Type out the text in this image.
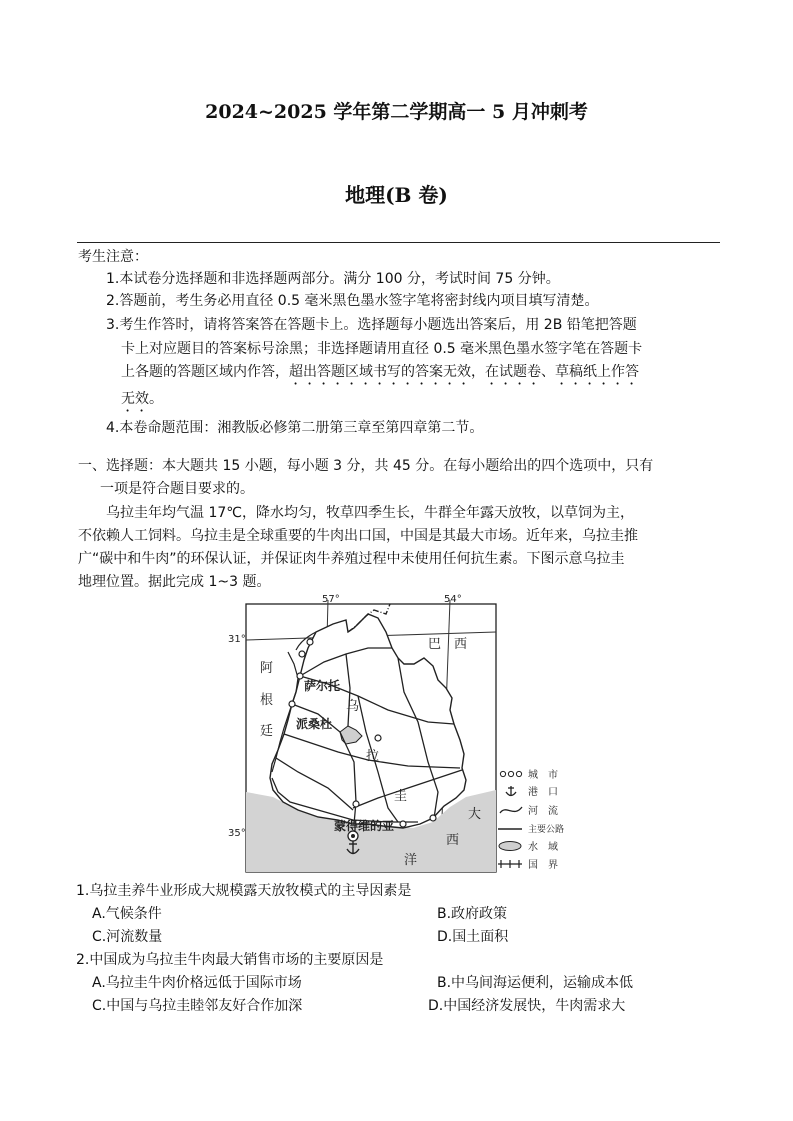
2024~2025 学年第二学期高一 5 月冲刺考
地理(B 卷)
考生注意：
1.本试卷分选择题和非选择题两部分。满分 100 分，考试时间 75 分钟。
2.答题前，考生务必用直径 0.5 毫米黑色墨水签字笔将密封线内项目填写清楚。
3.考生作答时，请将答案答在答题卡上。选择题每小题选出答案后，用 2B 铅笔把答题
卡上对应题目的答案标号涂黑；非选择题请用直径 0.5 毫米黑色墨水签字笔在答题卡
上各题的答题区域内作答，超出答题区域书写的答案无效，在试题卷、草稿纸上作答
无效。
4.本卷命题范围：湘教版必修第二册第三章至第四章第二节。
一、选择题：本大题共 15 小题，每小题 3 分，共 45 分。在每小题给出的四个选项中，只有
一项是符合题目要求的。
乌拉圭年均气温 17℃，降水均匀，牧草四季生长，牛群全年露天放牧，以草饲为主，
不依赖人工饲料。乌拉圭是全球重要的牛肉出口国，中国是其最大市场。近年来，乌拉圭推
广“碳中和牛肉”的环保认证，并保证肉牛养殖过程中未使用任何抗生素。下图示意乌拉圭
地理位置。据此完成 1~3 题。
57°	54°
31°
35°
巴 西
阿
根
廷
乌
拉
圭
萨尔托
派桑杜
蒙得维的亚
大
西
洋
城　市
港　口
河　流
主要公路
水　域
国　界
1.乌拉圭养牛业形成大规模露天放牧模式的主导因素是
A.气候条件	B.政府政策
C.河流数量	D.国土面积
2.中国成为乌拉圭牛肉最大销售市场的主要原因是
A.乌拉圭牛肉价格远低于国际市场	B.中乌间海运便利，运输成本低
C.中国与乌拉圭睦邻友好合作加深	D.中国经济发展快，牛肉需求大
